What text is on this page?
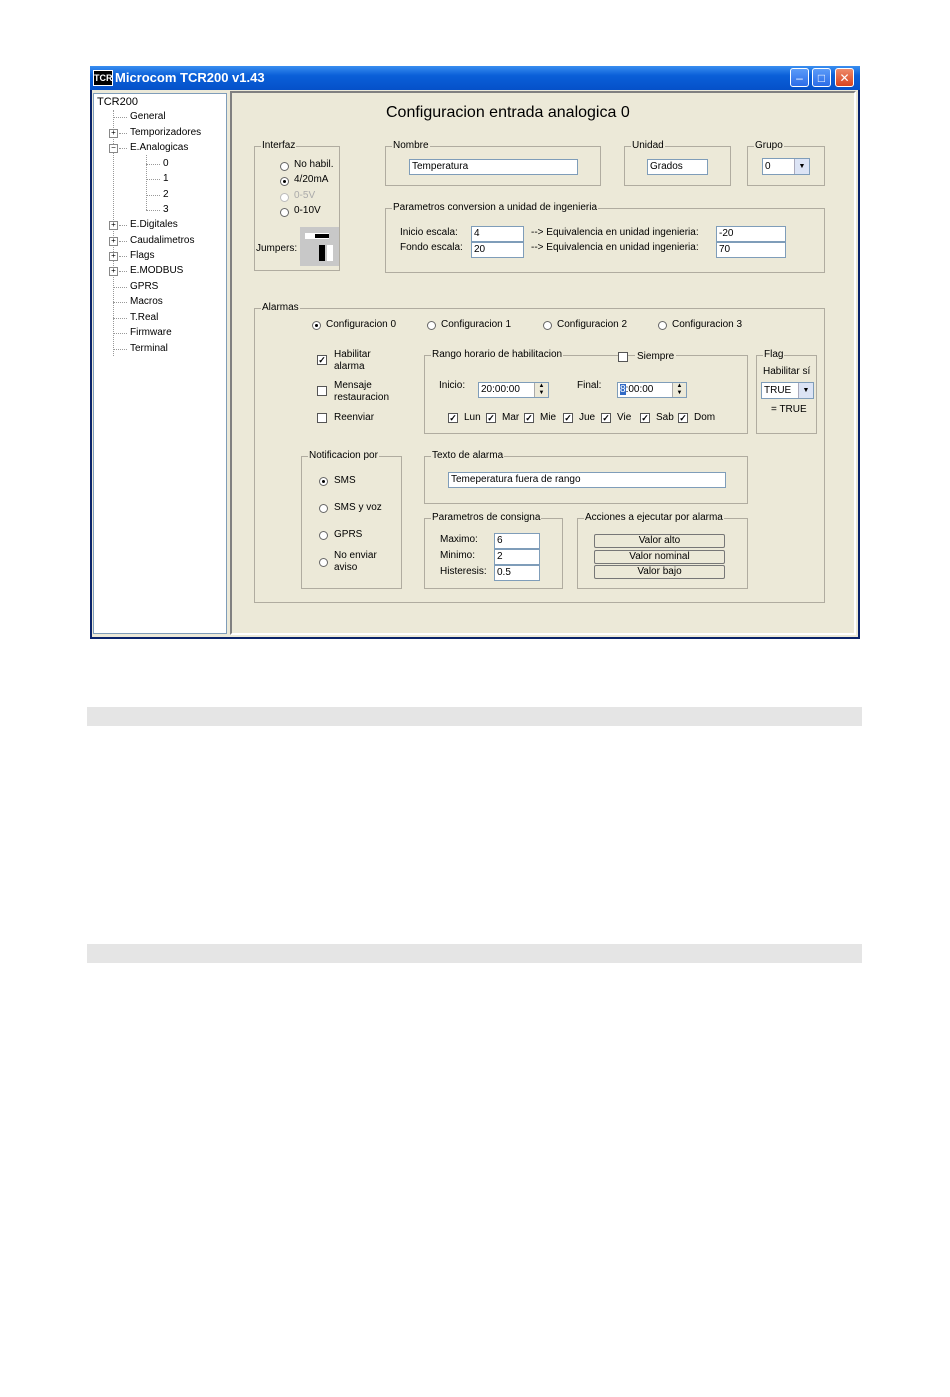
TCR Microcom TCR200 v1.43	–	□	✕
TCR200
General
+ Temporizadores
− E.Analogicas
0
1
2
3
+ E.Digitales
+ Caudalimetros
+ Flags
+ E.MODBUS
GPRS
Macros
T.Real
Firmware
Terminal
Configuracion entrada analogica 0
Interfaz
No habil.
4/20mA
0-5V
0-10V
Jumpers:
Nombre
Temperatura
Unidad
Grados
Grupo
0	▼
Parametros conversion a unidad de ingenieria
Inicio escala:	4	--> Equivalencia en unidad ingenieria:	-20
Fondo escala:	20	--> Equivalencia en unidad ingenieria:	70
Alarmas
Configuracion 0	Configuracion 1	Configuracion 2	Configuracion 3
✓ Habilitar
alarma
Mensaje
restauracion
Reenviar
Rango horario de habilitacion	Siempre
Inicio:	20:00:00	▲
▼
Final:	8:00:00	▲
▼
✓ Lun ✓ Mar ✓ Mie ✓ Jue ✓ Vie ✓ Sab ✓ Dom
Flag
Habilitar sí
TRUE	▼
= TRUE
Notificacion por
SMS
SMS y voz
GPRS
No enviar
aviso
Texto de alarma
Temeperatura fuera de rango
Parametros de consigna
Maximo:	6
Minimo:	2
Histeresis:	0.5
Acciones a ejecutar por alarma
Valor alto
Valor nominal
Valor bajo
